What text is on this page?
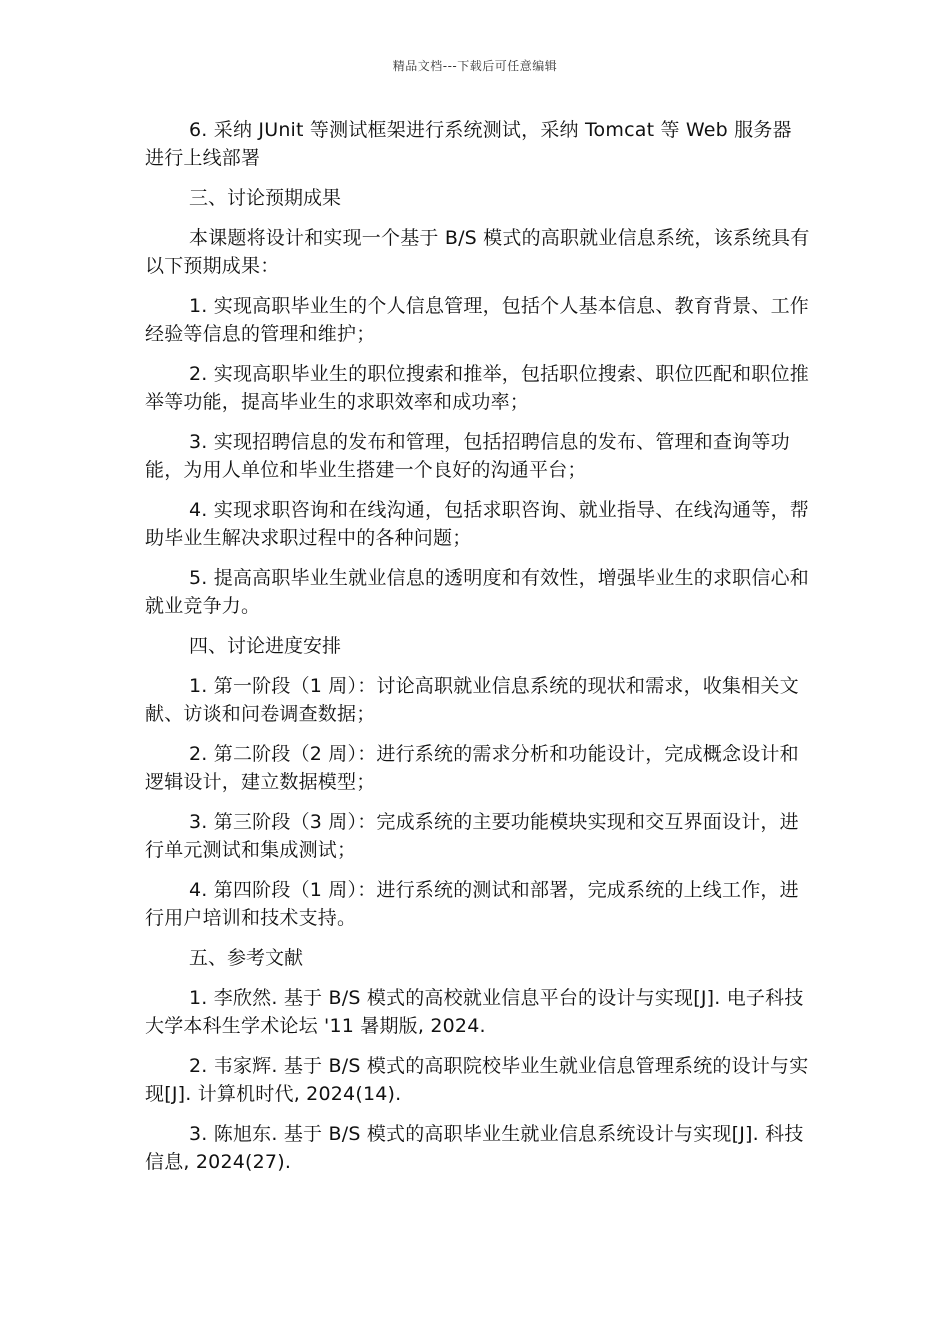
精品文档---下载后可任意编辑

6. 采纳 JUnit 等测试框架进行系统测试，采纳 Tomcat 等 Web 服务器进行上线部署

三、讨论预期成果

本课题将设计和实现一个基于 B/S 模式的高职就业信息系统，该系统具有以下预期成果：

1. 实现高职毕业生的个人信息管理，包括个人基本信息、教育背景、工作经验等信息的管理和维护；

2. 实现高职毕业生的职位搜索和推举，包括职位搜索、职位匹配和职位推举等功能，提高毕业生的求职效率和成功率；

3. 实现招聘信息的发布和管理，包括招聘信息的发布、管理和查询等功能，为用人单位和毕业生搭建一个良好的沟通平台；

4. 实现求职咨询和在线沟通，包括求职咨询、就业指导、在线沟通等，帮助毕业生解决求职过程中的各种问题；

5. 提高高职毕业生就业信息的透明度和有效性，增强毕业生的求职信心和就业竞争力。

四、讨论进度安排

1. 第一阶段（1 周）：讨论高职就业信息系统的现状和需求，收集相关文献、访谈和问卷调查数据；

2. 第二阶段（2 周）：进行系统的需求分析和功能设计，完成概念设计和逻辑设计，建立数据模型；

3. 第三阶段（3 周）：完成系统的主要功能模块实现和交互界面设计，进行单元测试和集成测试；

4. 第四阶段（1 周）：进行系统的测试和部署，完成系统的上线工作，进行用户培训和技术支持。

五、参考文献

1. 李欣然. 基于 B/S 模式的高校就业信息平台的设计与实现[J]. 电子科技大学本科生学术论坛 '11 暑期版, 2024.

2. 韦家辉. 基于 B/S 模式的高职院校毕业生就业信息管理系统的设计与实现[J]. 计算机时代, 2024(14).

3. 陈旭东. 基于 B/S 模式的高职毕业生就业信息系统设计与实现[J]. 科技信息, 2024(27).
